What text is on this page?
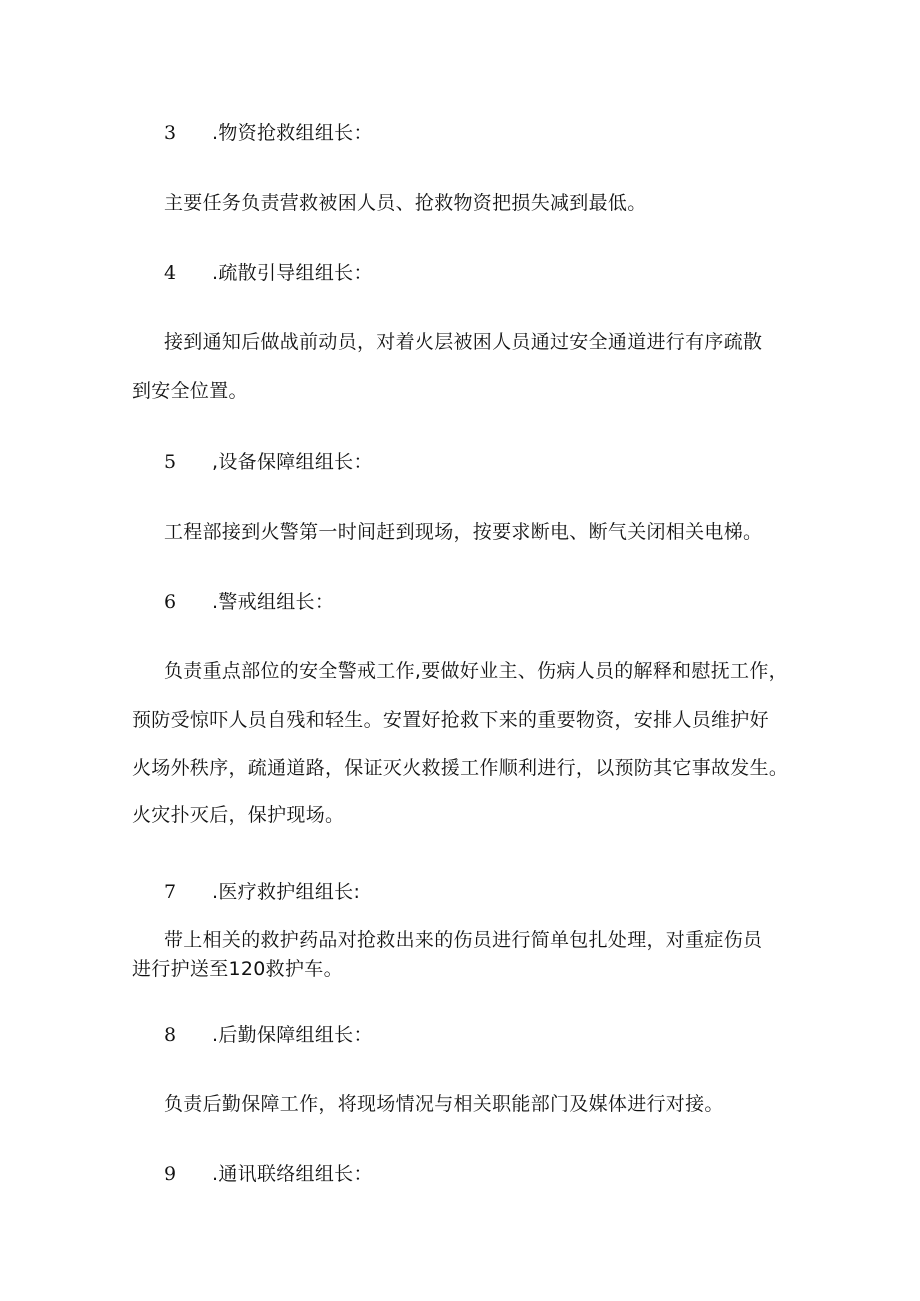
3 .物资抢救组组长：
主要任务负责营救被困人员、抢救物资把损失减到最低。
4 .疏散引导组组长：
接到通知后做战前动员，对着火层被困人员通过安全通道进行有序疏散
到安全位置。
5 ,设备保障组组长：
工程部接到火警第一时间赶到现场，按要求断电、断气关闭相关电梯。
6 .警戒组组长：
负责重点部位的安全警戒工作,要做好业主、伤病人员的解释和慰抚工作，
预防受惊吓人员自残和轻生。安置好抢救下来的重要物资，安排人员维护好
火场外秩序，疏通道路，保证灭火救援工作顺利进行，以预防其它事故发生。
火灾扑灭后，保护现场。
7 .医疗救护组组长:
带上相关的救护药品对抢救出来的伤员进行简单包扎处理，对重症伤员
进行护送至120救护车。
8 .后勤保障组组长：
负责后勤保障工作，将现场情况与相关职能部门及媒体进行对接。
9 .通讯联络组组长：
